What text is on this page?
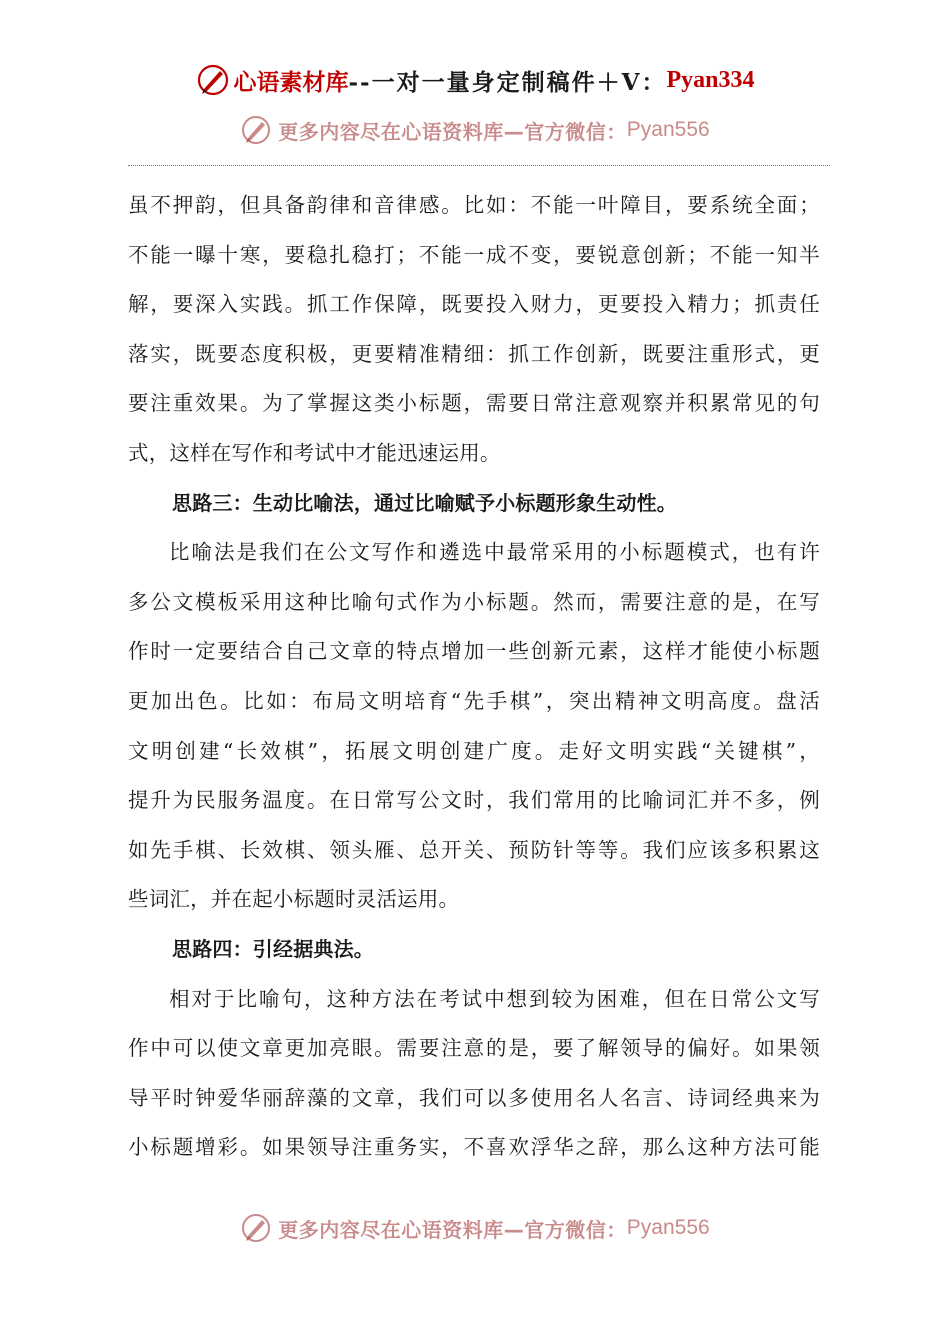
心语素材库 --一对一量身定制稿件＋V： Pyan334
更多内容尽在心语资料库—官方微信： Pyan556
虽不押韵，但具备韵律和音律感。比如：不能一叶障目，要系统全面；
不能一曝十寒，要稳扎稳打；不能一成不变，要锐意创新；不能一知半
解，要深入实践。抓工作保障，既要投入财力，更要投入精力；抓责任
落实，既要态度积极，更要精准精细：抓工作创新，既要注重形式，更
要注重效果。为了掌握这类小标题，需要日常注意观察并积累常见的句
式，这样在写作和考试中才能迅速运用。
思路三：生动比喻法，通过比喻赋予小标题形象生动性。
比喻法是我们在公文写作和遴选中最常采用的小标题模式，也有许
多公文模板采用这种比喻句式作为小标题。然而，需要注意的是，在写
作时一定要结合自己文章的特点增加一些创新元素，这样才能使小标题
更加出色。比如：布局文明培育“先手棋”，突出精神文明高度。盘活
文明创建“长效棋”，拓展文明创建广度。走好文明实践“关键棋”，
提升为民服务温度。在日常写公文时，我们常用的比喻词汇并不多，例
如先手棋、长效棋、领头雁、总开关、预防针等等。我们应该多积累这
些词汇，并在起小标题时灵活运用。
思路四：引经据典法。
相对于比喻句，这种方法在考试中想到较为困难，但在日常公文写
作中可以使文章更加亮眼。需要注意的是，要了解领导的偏好。如果领
导平时钟爱华丽辞藻的文章，我们可以多使用名人名言、诗词经典来为
小标题增彩。如果领导注重务实，不喜欢浮华之辞，那么这种方法可能
更多内容尽在心语资料库—官方微信： Pyan556
